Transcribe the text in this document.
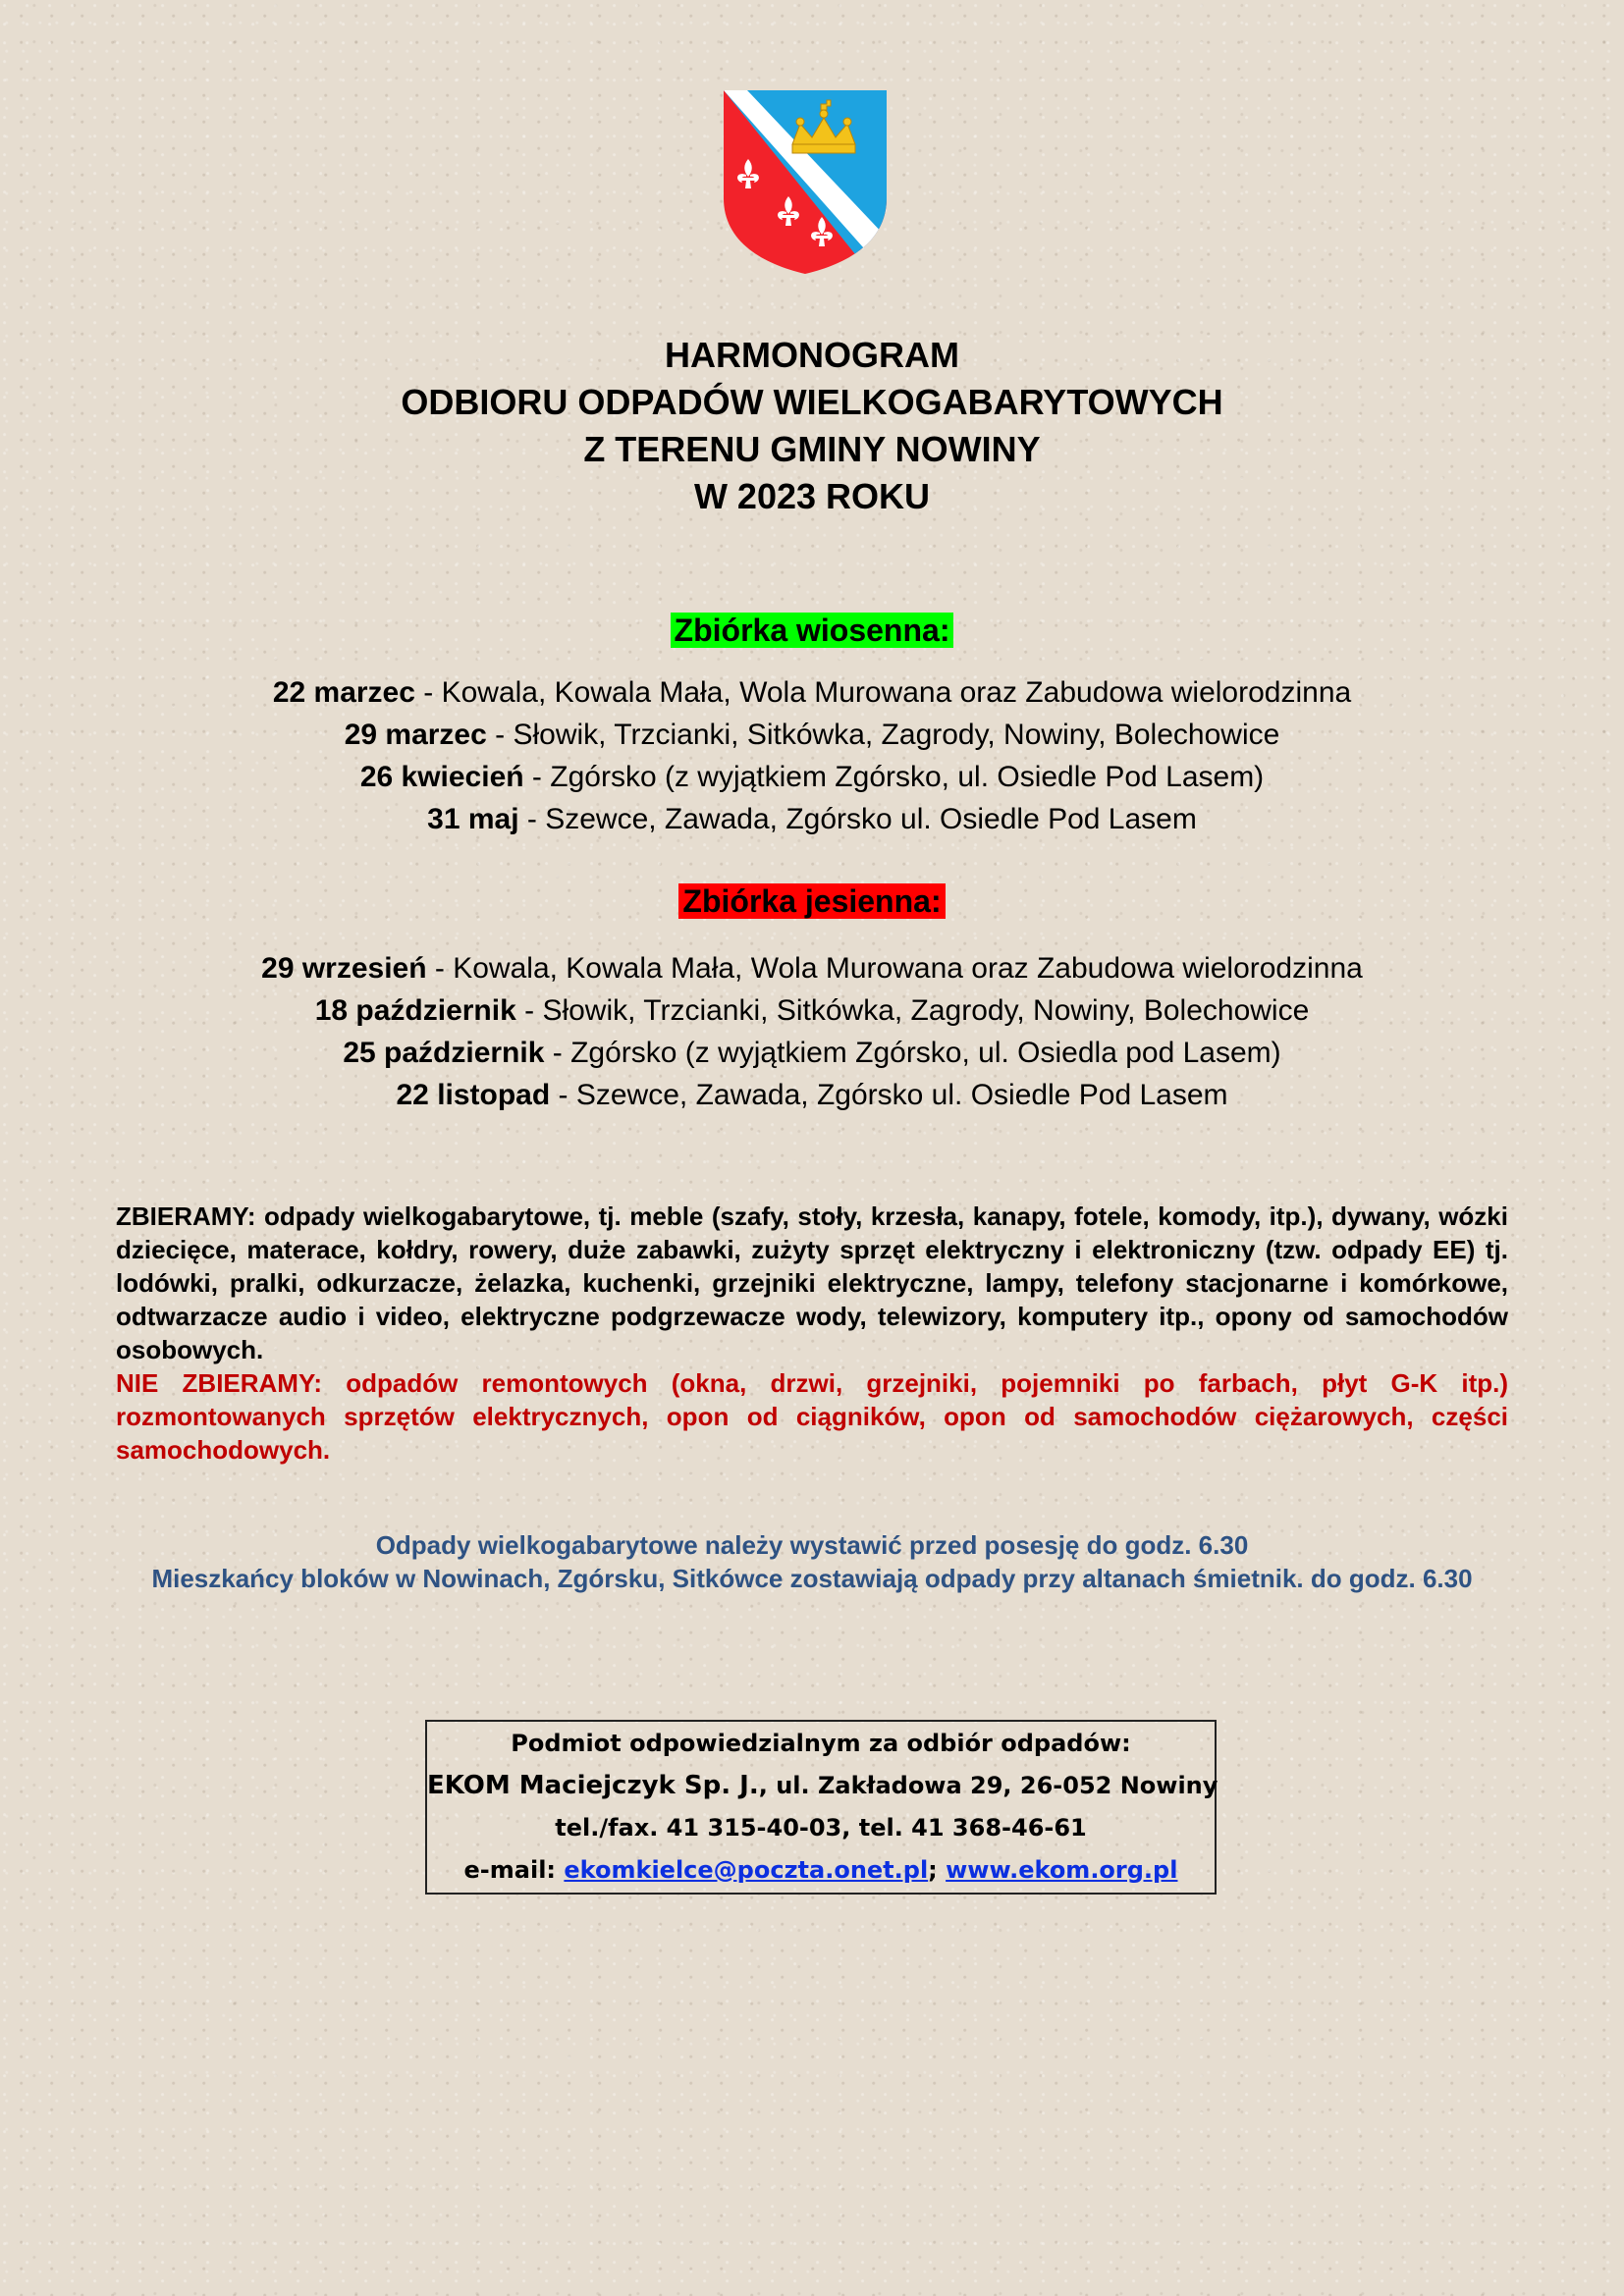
HARMONOGRAM
ODBIORU ODPADÓW WIELKOGABARYTOWYCH
Z TERENU GMINY NOWINY
W 2023 ROKU
Zbiórka wiosenna:
22 marzec - Kowala, Kowala Mała, Wola Murowana oraz Zabudowa wielorodzinna
29 marzec - Słowik, Trzcianki, Sitkówka, Zagrody, Nowiny, Bolechowice
26 kwiecień - Zgórsko (z wyjątkiem Zgórsko, ul. Osiedle Pod Lasem)
31 maj - Szewce, Zawada, Zgórsko ul. Osiedle Pod Lasem
Zbiórka jesienna:
29 wrzesień - Kowala, Kowala Mała, Wola Murowana oraz Zabudowa wielorodzinna
18 październik - Słowik, Trzcianki, Sitkówka, Zagrody, Nowiny, Bolechowice
25 październik - Zgórsko (z wyjątkiem Zgórsko, ul. Osiedla pod Lasem)
22 listopad - Szewce, Zawada, Zgórsko ul. Osiedle Pod Lasem
ZBIERAMY: odpady wielkogabarytowe, tj. meble (szafy, stoły, krzesła, kanapy, fotele, komody, itp.), dywany, wózki dziecięce, materace, kołdry, rowery, duże zabawki, zużyty sprzęt elektryczny i elektroniczny (tzw. odpady EE) tj. lodówki, pralki, odkurzacze, żelazka, kuchenki, grzejniki elektryczne, lampy, telefony stacjonarne i komórkowe, odtwarzacze audio i video, elektryczne podgrzewacze wody, telewizory, komputery itp., opony od samochodów osobowych.
NIE ZBIERAMY: odpadów remontowych (okna, drzwi, grzejniki, pojemniki po farbach, płyt G-K itp.) rozmontowanych sprzętów elektrycznych, opon od ciągników, opon od samochodów ciężarowych, części samochodowych.
Odpady wielkogabarytowe należy wystawić przed posesję do godz. 6.30
Mieszkańcy bloków w Nowinach, Zgórsku, Sitkówce zostawiają odpady przy altanach śmietnik. do godz. 6.30
Podmiot odpowiedzialnym za odbiór odpadów:
EKOM Maciejczyk Sp. J., ul. Zakładowa 29, 26-052 Nowiny
tel./fax. 41 315-40-03, tel. 41 368-46-61
e-mail: ekomkielce@poczta.onet.pl; www.ekom.org.pl
